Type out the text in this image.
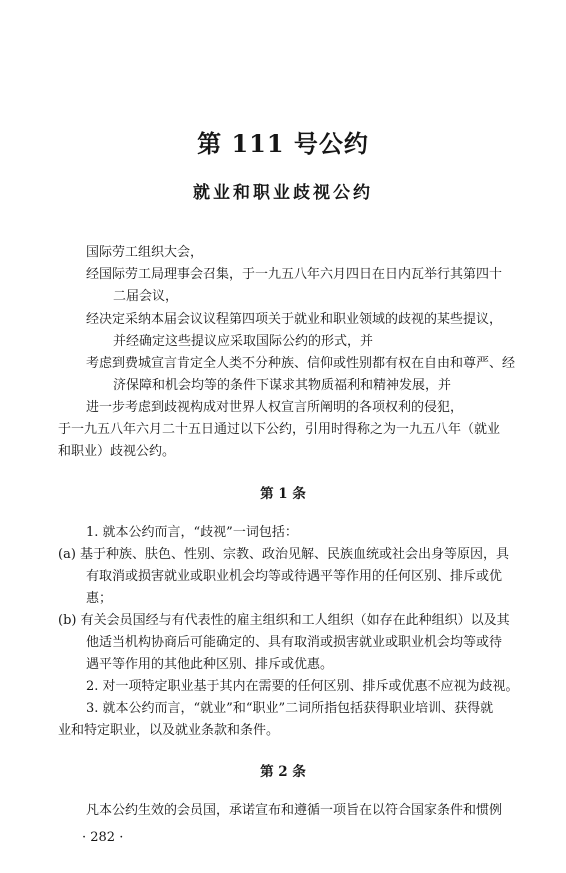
第 111 号公约
就业和职业歧视公约
国际劳工组织大会，
经国际劳工局理事会召集，于一九五八年六月四日在日内瓦举行其第四十
二届会议，
经决定采纳本届会议议程第四项关于就业和职业领域的歧视的某些提议，
并经确定这些提议应采取国际公约的形式，并
考虑到费城宣言肯定全人类不分种族、信仰或性别都有权在自由和尊严、经
济保障和机会均等的条件下谋求其物质福利和精神发展，并
进一步考虑到歧视构成对世界人权宣言所阐明的各项权利的侵犯，
于一九五八年六月二十五日通过以下公约，引用时得称之为一九五八年（就业
和职业）歧视公约。
第 1 条
1. 就本公约而言，“歧视”一词包括：
(a) 基于种族、肤色、性别、宗教、政治见解、民族血统或社会出身等原因，具
有取消或损害就业或职业机会均等或待遇平等作用的任何区别、排斥或优
惠；
(b) 有关会员国经与有代表性的雇主组织和工人组织（如存在此种组织）以及其
他适当机构协商后可能确定的、具有取消或损害就业或职业机会均等或待
遇平等作用的其他此种区别、排斥或优惠。
2. 对一项特定职业基于其内在需要的任何区别、排斥或优惠不应视为歧视。
3. 就本公约而言，“就业”和“职业”二词所指包括获得职业培训、获得就
业和特定职业，以及就业条款和条件。
第 2 条
凡本公约生效的会员国，承诺宣布和遵循一项旨在以符合国家条件和惯例
· 282 ·
